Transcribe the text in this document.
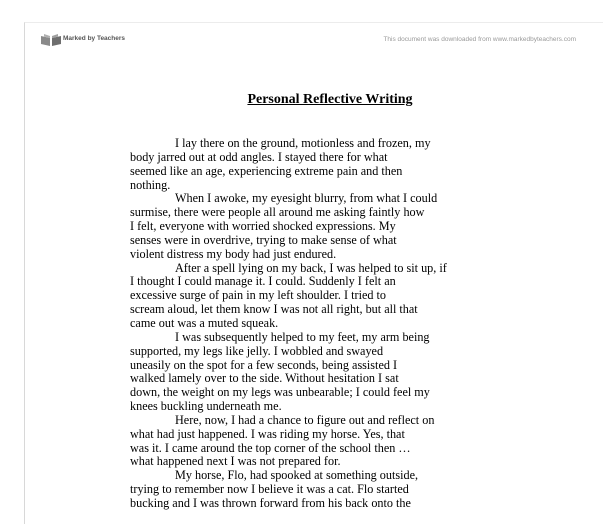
Marked by Teachers	This document was downloaded from www.markedbyteachers.com
Personal Reflective Writing
I lay there on the ground, motionless and frozen, my
body jarred out at odd angles. I stayed there for what
seemed like an age, experiencing extreme pain and then
nothing.
When I awoke, my eyesight blurry, from what I could
surmise, there were people all around me asking faintly how
I felt, everyone with worried shocked expressions. My
senses were in overdrive, trying to make sense of what
violent distress my body had just endured.
After a spell lying on my back, I was helped to sit up, if
I thought I could manage it. I could. Suddenly I felt an
excessive surge of pain in my left shoulder. I tried to
scream aloud, let them know I was not all right, but all that
came out was a muted squeak.
I was subsequently helped to my feet, my arm being
supported, my legs like jelly. I wobbled and swayed
uneasily on the spot for a few seconds, being assisted I
walked lamely over to the side. Without hesitation I sat
down, the weight on my legs was unbearable; I could feel my
knees buckling underneath me.
Here, now, I had a chance to figure out and reflect on
what had just happened. I was riding my horse. Yes, that
was it. I came around the top corner of the school then …
what happened next I was not prepared for.
My horse, Flo, had spooked at something outside,
trying to remember now I believe it was a cat. Flo started
bucking and I was thrown forward from his back onto the
